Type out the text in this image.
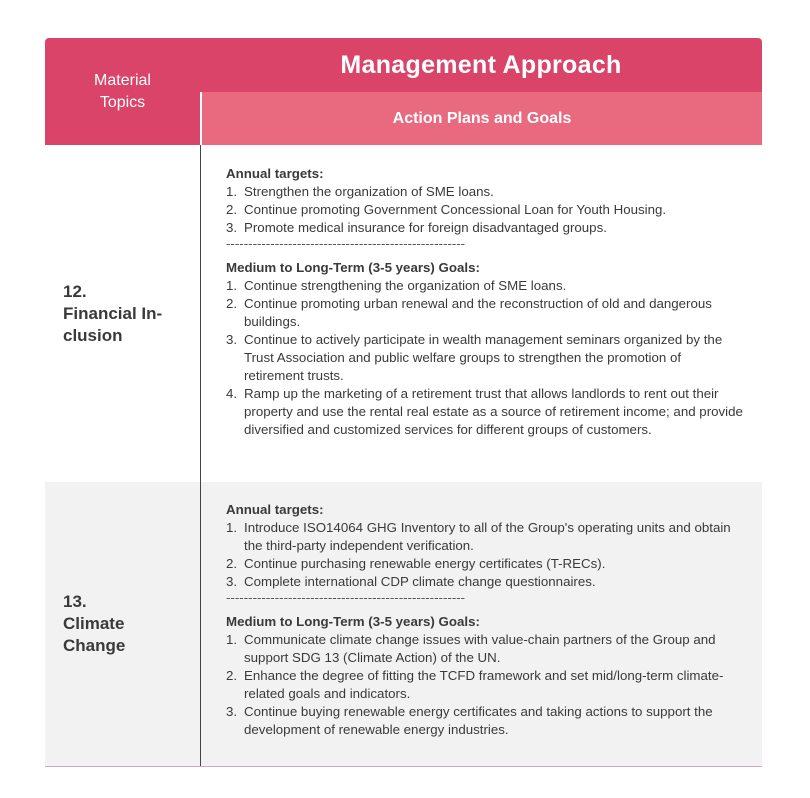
Material Topics
Management Approach
Action Plans and Goals
12.
Financial In-
clusion
Annual targets:
1. Strengthen the organization of SME loans.
2. Continue promoting Government Concessional Loan for Youth Housing.
3. Promote medical insurance for foreign disadvantaged groups.
------------------------------------------------------
Medium to Long-Term (3-5 years) Goals:
1. Continue strengthening the organization of SME loans.
2. Continue promoting urban renewal and the reconstruction of old and dangerous buildings.
3. Continue to actively participate in wealth management seminars organized by the Trust Association and public welfare groups to strengthen the promotion of retirement trusts.
4. Ramp up the marketing of a retirement trust that allows landlords to rent out their property and use the rental real estate as a source of retirement income; and provide diversified and customized services for different groups of customers.
13.
Climate
Change
Annual targets:
1. Introduce ISO14064 GHG Inventory to all of the Group's operating units and obtain the third-party independent verification.
2. Continue purchasing renewable energy certificates (T-RECs).
3. Complete international CDP climate change questionnaires.
------------------------------------------------------
Medium to Long-Term (3-5 years) Goals:
1. Communicate climate change issues with value-chain partners of the Group and support SDG 13 (Climate Action) of the UN.
2. Enhance the degree of fitting the TCFD framework and set mid/long-term climate-related goals and indicators.
3. Continue buying renewable energy certificates and taking actions to support the development of renewable energy industries.
